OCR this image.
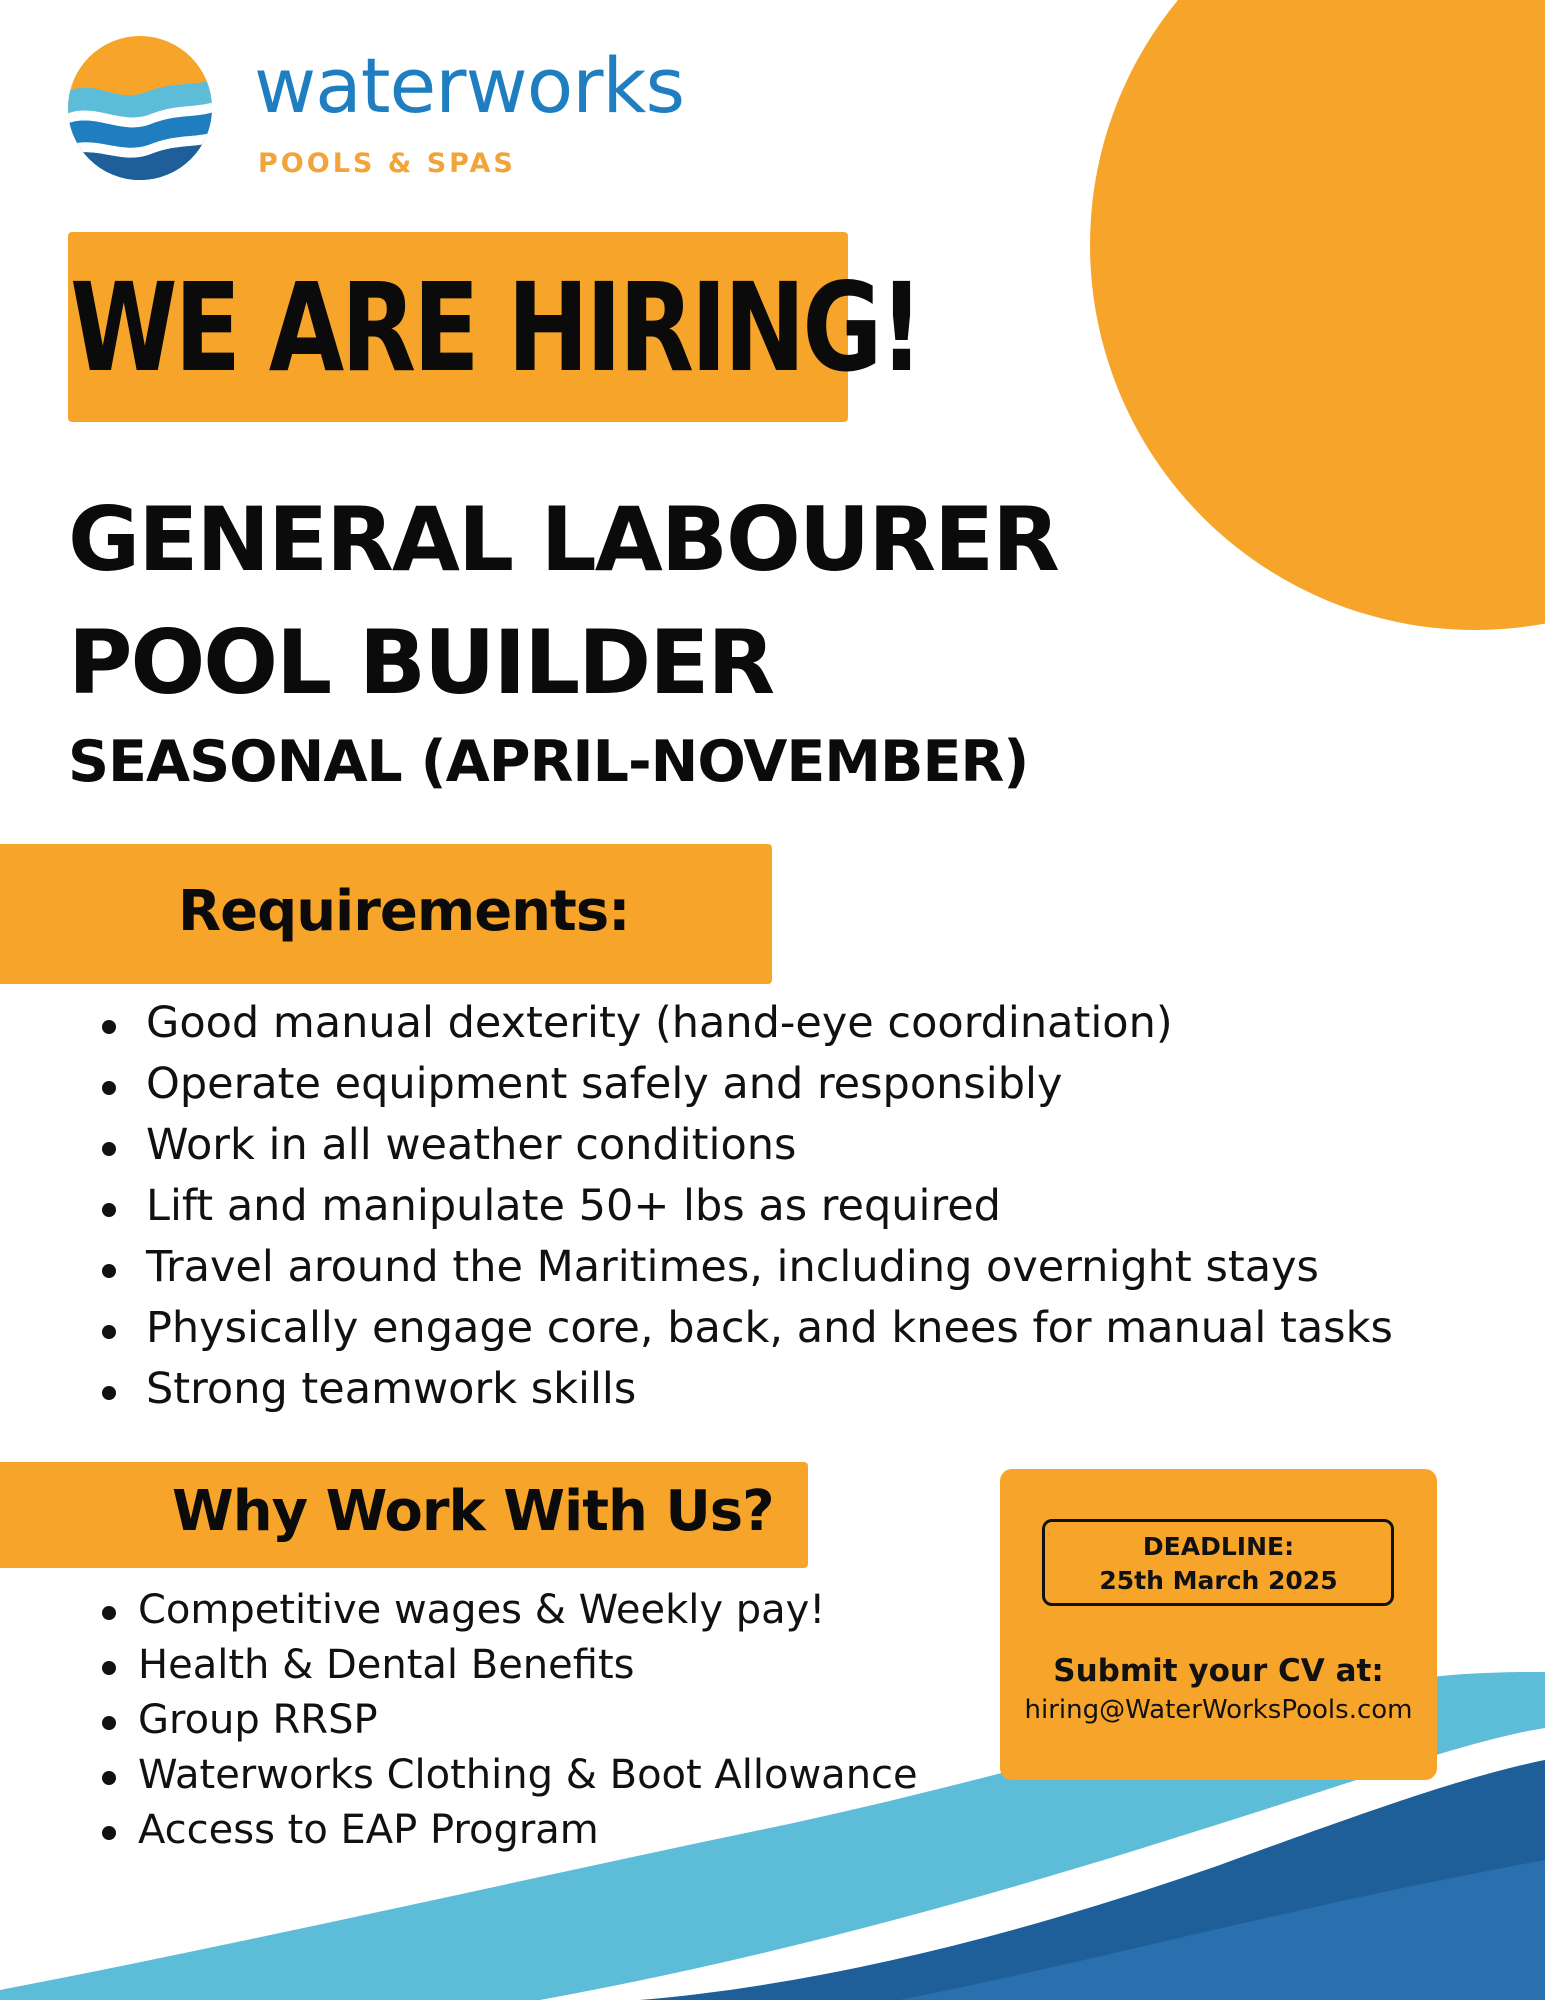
waterworks
POOLS & SPAS
WE ARE HIRING!
GENERAL LABOURER
POOL BUILDER
SEASONAL (APRIL-NOVEMBER)
Requirements:
Good manual dexterity (hand-eye coordination)
Operate equipment safely and responsibly
Work in all weather conditions
Lift and manipulate 50+ lbs as required
Travel around the Maritimes, including overnight stays
Physically engage core, back, and knees for manual tasks
Strong teamwork skills
Why Work With Us?
Competitive wages & Weekly pay!
Health & Dental Benefits
Group RRSP
Waterworks Clothing & Boot Allowance
Access to EAP Program
DEADLINE:
25th March 2025
Submit your CV at:
hiring@WaterWorksPools.com
